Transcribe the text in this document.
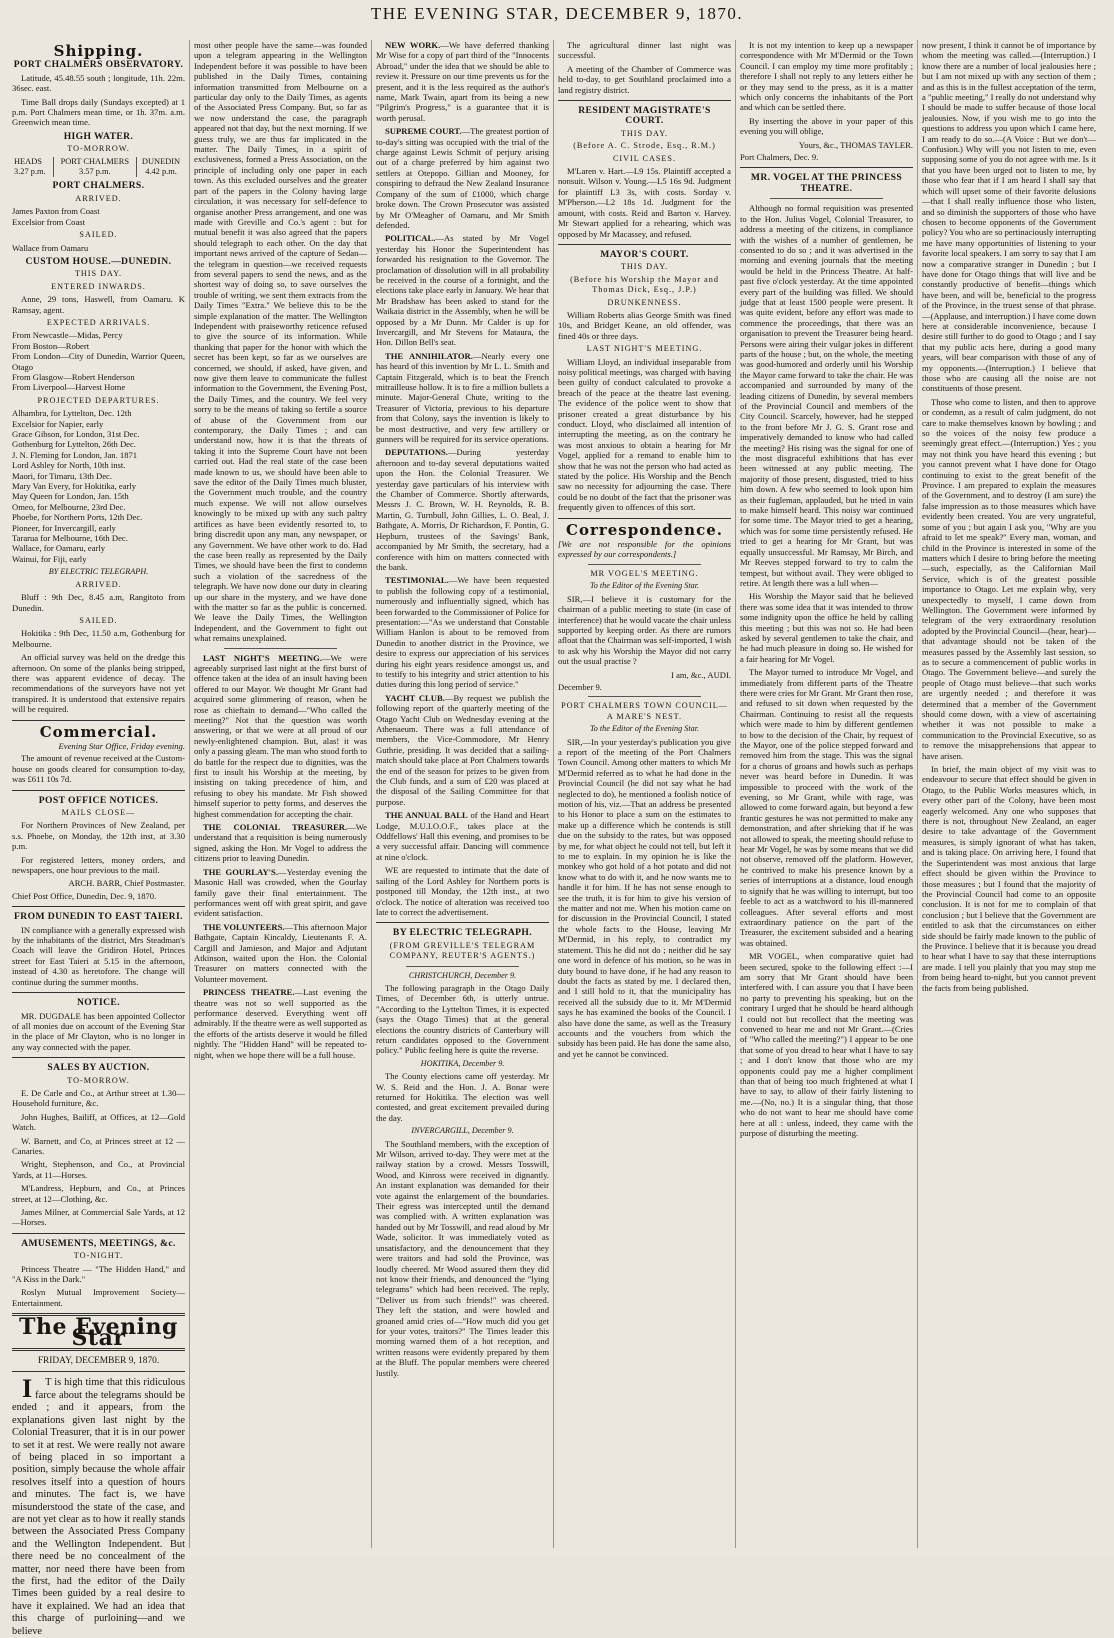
THE EVENING STAR, DECEMBER 9, 1870.
Shipping.
PORT CHALMERS OBSERVATORY.

Latitude, 45.48.55 south ; longitude, 11h. 22m. 36sec. east.

Time Ball drops daily (Sundays excepted) at 1 p.m. Port Chalmers mean time, or 1h. 37m. a.m. Greenwich mean time.

HIGH WATER.
TO-MORROW.
HEADS	PORT CHALMERS	DUNEDIN
3.27 p.m.	3.57 p.m.	4.42 p.m.
PORT CHALMERS.
ARRIVED.

James Paxton from Coast
Excelsior from Coast

SAILED.

Wallace from Oamaru

CUSTOM HOUSE.—DUNEDIN.
THIS DAY.
ENTERED INWARDS.

Anne, 29 tons, Haswell, from Oamaru. K Ramsay, agent.

EXPECTED ARRIVALS.

From Newcastle—Midas, Percy
From Boston—Robert
From London—City of Dunedin, Warrior Queen, Otago
From Glasgow—Robert Henderson
From Liverpool—Harvest Home

PROJECTED DEPARTURES.

Alhambra, for Lyttelton, Dec. 12th
Excelsior for Napier, early
Grace Gibson, for London, 31st Dec.
Gothenburg for Lyttelton, 26th Dec.
J. N. Fleming for London, Jan. 1871
Lord Ashley for North, 10th inst.
Maori, for Timaru, 13th Dec.
Mary Van Every, for Hokitika, early
May Queen for London, Jan. 15th
Omeo, for Melbourne, 23rd Dec.
Phoebe, for Northern Ports, 12th Dec.
Pioneer, for Invercargill, early
Tararua for Melbourne, 16th Dec.
Wallace, for Oamaru, early
Wainui, for Fiji, early

BY ELECTRIC TELEGRAPH.
ARRIVED.

Bluff : 9th Dec, 8.45 a.m, Rangitoto from Dunedin.

SAILED.

Hokitika : 9th Dec, 11.50 a.m, Gothenburg for Melbourne.

An official survey was held on the dredge this afternoon. On some of the planks being stripped, there was apparent evidence of decay. The recommendations of the surveyors have not yet transpired. It is understood that extensive repairs will be required.

Commercial.
Evening Star Office, Friday evening.

The amount of revenue received at the Custom-house on goods cleared for consumption to-day, was £611 10s 7d.

POST OFFICE NOTICES.
MAILS CLOSE—

For Northern Provinces of New Zealand, per s.s. Phoebe, on Monday, the 12th inst, at 3.30 p.m.

For registered letters, money orders, and newspapers, one hour previous to the mail.

ARCH. BARR, Chief Postmaster.

Chief Post Office, Dunedin, Dec. 9, 1870.

FROM DUNEDIN TO EAST TAIERI.

IN compliance with a generally expressed wish by the inhabitants of the district, Mrs Steadman's Coach will leave the Gridiron Hotel, Princes street for East Taieri at 5.15 in the afternoon, instead of 4.30 as heretofore. The change will continue during the summer months.

NOTICE.

MR. DUGDALE has been appointed Collector of all monies due on account of the Evening Star in the place of Mr Clayton, who is no longer in any way connected with the paper.

SALES BY AUCTION.
TO-MORROW.

E. De Carle and Co., at Arthur street at 1.30—Household furniture, &c.

John Hughes, Bailiff, at Offices, at 12—Gold Watch.

W. Barnett, and Co, at Princes street at 12 —Canaries.

Wright, Stephenson, and Co., at Provincial Yards, at 11—Horses.

M'Landress, Hepburn, and Co., at Princes street, at 12—Clothing, &c.

James Milner, at Commercial Sale Yards, at 12 —Horses.

AMUSEMENTS, MEETINGS, &c.
TO-NIGHT.

Princess Theatre — "The Hidden Hand," and "A Kiss in the Dark."

Roslyn Mutual Improvement Society—Entertainment.

The Evening Star
FRIDAY, DECEMBER 9, 1870.

I T is high time that this ridiculous farce about the telegrams should be ended ; and it appears, from the explanations given last night by the Colonial Treasurer, that it is in our power to set it at rest. We were really not aware of being placed in so important a position, simply because the whole affair resolves itself into a question of hours and minutes. The fact is, we have misunderstood the state of the case, and are not yet clear as to how it really stands between the Associated Press Company and the Wellington Independent. But there need be no concealment of the matter, nor need there have been from the first, had the editor of the Daily Times been guided by a real desire to have it explained. We had an idea that this charge of purloining—and we believe

most other people have the same—was founded upon a telegram appearing in the Wellington Independent before it was possible to have been published in the Daily Times, containing information transmitted from Melbourne on a particular day only to the Daily Times, as agents of the Associated Press Company. But, so far as we now understand the case, the paragraph appeared not that day, but the next morning. If we guess truly, we are thus far implicated in the matter. The Daily Times, in a spirit of exclusiveness, formed a Press Association, on the principle of including only one paper in each town. As this excluded ourselves and the greater part of the papers in the Colony having large circulation, it was necessary for self-defence to organise another Press arrangement, and one was made with Greville and Co.'s agent : but for mutual benefit it was also agreed that the papers should telegraph to each other. On the day that important news arrived of the capture of Sedan—the telegram in question—we received requests from several papers to send the news, and as the shortest way of doing so, to save ourselves the trouble of writing, we sent them extracts from the Daily Times "Extra." We believe this to be the simple explanation of the matter. The Wellington Independent with praiseworthy reticence refused to give the source of its information. While thanking that paper for the honor with which the secret has been kept, so far as we ourselves are concerned, we should, if asked, have given, and now give them leave to communicate the fullest information to the Government, the Evening Post, the Daily Times, and the country. We feel very sorry to be the means of taking so fertile a source of abuse of the Government from our contemporary, the Daily Times ; and can understand now, how it is that the threats of taking it into the Supreme Court have not been carried out. Had the real state of the case been made known to us, we should have been able to save the editor of the Daily Times much bluster, the Government much trouble, and the country much expense. We will not allow ourselves knowingly to be mixed up with any such paltry artifices as have been evidently resorted to, to bring discredit upon any man, any newspaper, or any Government. We have other work to do. Had the case been really as represented by the Daily Times, we should have been the first to condemn such a violation of the sacredness of the telegraph. We have now done our duty in clearing up our share in the mystery, and we have done with the matter so far as the public is concerned. We leave the Daily Times, the Wellington Independent, and the Government to fight out what remains unexplained.

LAST NIGHT'S MEETING.—We were agreeably surprised last night at the first burst of offence taken at the idea of an insult having been offered to our Mayor. We thought Mr Grant had acquired some glimmering of reason, when he rose as chieftain to demand—"Who called the meeting?" Not that the question was worth answering, or that we were at all proud of our newly-enlightened champion. But, alas! it was only a passing gleam. The man who stood forth to do battle for the respect due to dignities, was the first to insult his Worship at the meeting, by insisting on taking precedence of him, and refusing to obey his mandate. Mr Fish showed himself superior to petty forms, and deserves the highest commendation for accepting the chair.

THE COLONIAL TREASURER.—We understand that a requisition is being numerously signed, asking the Hon. Mr Vogel to address the citizens prior to leaving Dunedin.

THE GOURLAY'S.—Yesterday evening the Masonic Hall was crowded, when the Gourlay family gave their final entertainment. The performances went off with great spirit, and gave evident satisfaction.

THE VOLUNTEERS.—This afternoon Major Bathgate, Captain Kincaldy, Lieutenants F. A. Cargill and Jamieson, and Major and Adjutant Atkinson, waited upon the Hon. the Colonial Treasurer on matters connected with the Volunteer movement.

PRINCESS THEATRE.—Last evening the theatre was not so well supported as the performance deserved. Everything went off admirably. If the theatre were as well supported as the efforts of the artists deserve it would be filled nightly. The "Hidden Hand" will be repeated to-night, when we hope there will be a full house.

NEW WORK.—We have deferred thanking Mr Wise for a copy of part third of the "Innocents Abroad," under the idea that we should be able to review it. Pressure on our time prevents us for the present, and it is the less required as the author's name, Mark Twain, apart from its being a new "Pilgrim's Progress," is a guarantee that it is worth perusal.

SUPREME COURT.—The greatest portion of to-day's sitting was occupied with the trial of the charge against Lewis Schmit of perjury arising out of a charge preferred by him against two settlers at Otepopo. Gillian and Mooney, for conspiring to defraud the New Zealand Insurance Company of the sum of £1000, which charge broke down. The Crown Prosecutor was assisted by Mr O'Meagher of Oamaru, and Mr Smith defended.

POLITICAL.—As stated by Mr Vogel yesterday his Honor the Superintendent has forwarded his resignation to the Governor. The proclamation of dissolution will in all probability be received in the course of a fortnight, and the elections take place early in January. We hear that Mr Bradshaw has been asked to stand for the Waikaia district in the Assembly, when he will be opposed by a Mr Dunn. Mr Calder is up for Invercargill, and Mr Stevens for Mataura, the Hon. Dillon Bell's seat.

THE ANNIHILATOR.—Nearly every one has heard of this invention by Mr L. L. Smith and Captain Fitzgerald, which is to beat the French mitrailleuse hollow. It is to fire a million bullets a minute. Major-General Chute, writing to the Treasurer of Victoria, previous to his departure from that Colony, says the invention is likely to be most destructive, and very few artillery or gunners will be required for its service operations.

DEPUTATIONS.—During yesterday afternoon and to-day several deputations waited upon the Hon. the Colonial Treasurer. We yesterday gave particulars of his interview with the Chamber of Commerce. Shortly afterwards, Messrs J. C. Brown, W. H. Reynolds, R. B. Martin, G. Turnbull, John Gillies, L. O. Beal, J. Bathgate, A. Morris, Dr Richardson, F. Pontin, G. Hepburn, trustees of the Savings' Bank, accompanied by Mr Smith, the secretary, had a conference with him on matters connected with the bank.

TESTIMONIAL.—We have been requested to publish the following copy of a testimonial, numerously and influentially signed, which has been forwarded to the Commissioner of Police for presentation:—"As we understand that Constable William Hanlon is about to be removed from Dunedin to another district in the Province, we desire to express our appreciation of his services during his eight years residence amongst us, and to testify to his integrity and strict attention to his duties during this long period of service."

YACHT CLUB.—By request we publish the following report of the quarterly meeting of the Otago Yacht Club on Wednesday evening at the Athenaeum. There was a full attendance of members, the Vice-Commodore, Mr Henry Guthrie, presiding. It was decided that a sailing-match should take place at Port Chalmers towards the end of the season for prizes to be given from the Club funds, and a sum of £20 was placed at the disposal of the Sailing Committee for that purpose.

THE ANNUAL BALL of the Hand and Heart Lodge, M.U.I.O.O.F., takes place at the Oddfellows' Hall this evening, and promises to be a very successful affair. Dancing will commence at nine o'clock.

WE are requested to intimate that the date of sailing of the Lord Ashley for Northern ports is postponed till Monday, the 12th inst., at two o'clock. The notice of alteration was received too late to correct the advertisement.

BY ELECTRIC TELEGRAPH.
(FROM GREVILLE'S TELEGRAM COMPANY, REUTER'S AGENTS.)
CHRISTCHURCH, December 9.

The following paragraph in the Otago Daily Times, of December 6th, is utterly untrue. "According to the Lyttelton Times, it is expected (says the Otago Times) that at the general elections the country districts of Canterbury will return candidates opposed to the Government policy." Public feeling here is quite the reverse.

HOKITIKA, December 9.

The County elections came off yesterday. Mr W. S. Reid and the Hon. J. A. Bonar were returned for Hokitika. The election was well contested, and great excitement prevailed during the day.

INVERCARGILL, December 9.

The Southland members, with the exception of Mr Wilson, arrived to-day. They were met at the railway station by a crowd. Messrs Tosswill, Wood, and Kinross were received in dignantly. An instant explanation was demanded for their vote against the enlargement of the boundaries. Their egress was intercepted until the demand was complied with. A written explanation was handed out by Mr Tosswill, and read aloud by Mr Wade, solicitor. It was immediately voted as unsatisfactory, and the denouncement that they were traitors and had sold the Province, was loudly cheered. Mr Wood assured them they did not know their friends, and denounced the "lying telegrams" which had been received. The reply, "Deliver us from such friends!" was cheered. They left the station, and were howled and groaned amid cries of—"How much did you get for your votes, traitors?" The Times leader this morning warned them of a hot reception, and written reasons were evidently prepared by them at the Bluff. The popular members were cheered lustily.

The agricultural dinner last night was successful.

A meeting of the Chamber of Commerce was held to-day, to get Southland proclaimed into a land registry district.

RESIDENT MAGISTRATE'S COURT.
THIS DAY.
(Before A. C. Strode, Esq., R.M.)
CIVIL CASES.

M'Laren v. Hart.—L9 15s. Plaintiff accepted a nonsuit. Wilson v. Young.—L5 16s 9d. Judgment for plaintiff L3 3s, with costs. Sorday v. M'Pherson.—L2 18s 1d. Judgment for the amount, with costs. Reid and Barton v. Harvey. Mr Stewart applied for a rehearing, which was opposed by Mr Macassey, and refused.

MAYOR'S COURT.
THIS DAY.
(Before his Worship the Mayor and Thomas Dick, Esq., J.P.)
DRUNKENNESS.

William Roberts alias George Smith was fined 10s, and Bridget Keane, an old offender, was fined 40s or three days.

LAST NIGHT'S MEETING.

William Lloyd, an individual inseparable from noisy political meetings, was charged with having been guilty of conduct calculated to provoke a breach of the peace at the theatre last evening. The evidence of the police went to show that prisoner created a great disturbance by his conduct. Lloyd, who disclaimed all intention of interrupting the meeting, as on the contrary he was most anxious to obtain a hearing for Mr Vogel, applied for a remand to enable him to show that he was not the person who had acted as stated by the police. His Worship and the Bench saw no necessity for adjourning the case. There could be no doubt of the fact that the prisoner was frequently given to offences of this sort.

Correspondence.

[We are not responsible for the opinions expressed by our correspondents.]

MR VOGEL'S MEETING.
To the Editor of the Evening Star.

SIR,—I believe it is customary for the chairman of a public meeting to state (in case of interference) that he would vacate the chair unless supported by keeping order. As there are rumors afloat that the Chairman was self-imported, I wish to ask why his Worship the Mayor did not carry out the usual practise ?

I am, &c., AUDI.

December 9.

PORT CHALMERS TOWN COUNCIL— A MARE'S NEST.
To the Editor of the Evening Star.

SIR,—In your yesterday's publication you give a report of the meeting of the Port Chalmers Town Council. Among other matters to which Mr M'Dermid referred as to what he had done in the Provincial Council (he did not say what he had neglected to do), he mentioned a foolish notice of motion of his, viz.—That an address be presented to his Honor to place a sum on the estimates to make up a difference which he contends is still due on the subsidy to the rates, but was opposed by me, for what object he could not tell, but left it to me to explain. In my opinion he is like the monkey who got hold of a hot potato and did not know what to do with it, and he now wants me to handle it for him. If he has not sense enough to see the truth, it is for him to give his version of the matter and not me. When his motion came on for discussion in the Provincial Council, I stated the whole facts to the House, leaving Mr M'Dermid, in his reply, to contradict my statement. This he did not do ; neither did he say one word in defence of his motion, so he was in duty bound to have done, if he had any reason to doubt the facts as stated by me. I declared then, and I still hold to it, that the municipality has received all the subsidy due to it. Mr M'Dermid says he has examined the books of the Council. I also have done the same, as well as the Treasury accounts and the vouchers from which the subsidy has been paid. He has done the same also, and yet he cannot be convinced.

It is not my intention to keep up a newspaper correspondence with Mr M'Dermid or the Town Council. I can employ my time more profitably ; therefore I shall not reply to any letters either he or they may send to the press, as it is a matter which only concerns the inhabitants of the Port and which can be settled there.

By inserting the above in your paper of this evening you will oblige,

Yours, &c., THOMAS TAYLER.

Port Chalmers, Dec. 9.

MR. VOGEL AT THE PRINCESS THEATRE.

Although no formal requisition was presented to the Hon. Julius Vogel, Colonial Treasurer, to address a meeting of the citizens, in compliance with the wishes of a number of gentlemen, he consented to do so ; and it was advertised in the morning and evening journals that the meeting would be held in the Princess Theatre. At half-past five o'clock yesterday. At the time appointed every part of the building was filled. We should judge that at least 1500 people were present. It was quite evident, before any effort was made to commence the proceedings, that there was an organisation to prevent the Treasurer being heard. Persons were airing their vulgar jokes in different parts of the house ; but, on the whole, the meeting was good-humored and orderly until his Worship the Mayor came forward to take the chair. He was accompanied and surrounded by many of the leading citizens of Dunedin, by several members of the Provincial Council and members of the City Council. Scarcely, however, had he stepped to the front before Mr J. G. S. Grant rose and imperatively demanded to know who had called the meeting? His rising was the signal for one of the most disgraceful exhibitions that has ever been witnessed at any public meeting. The majority of those present, disgusted, tried to hiss him down. A few who seemed to look upon him as their fugleman, applauded, but he tried in vain to make himself heard. This noisy war continued for some time. The Mayor tried to get a hearing, which was for some time persistently refused. He tried to get a hearing for Mr Grant, but was equally unsuccessful. Mr Ramsay, Mr Birch, and Mr Reeves stepped forward to try to calm the tempest, but without avail. They were obliged to retire. At length there was a lull when—

His Worship the Mayor said that he believed there was some idea that it was intended to throw some indignity upon the office he held by calling this meeting ; but this was not so. He had been asked by several gentlemen to take the chair, and he had much pleasure in doing so. He wished for a fair hearing for Mr Vogel.

The Mayor turned to introduce Mr Vogel, and immediately from different parts of the Theatre there were cries for Mr Grant. Mr Grant then rose, and refused to sit down when requested by the Chairman. Continuing to resist all the requests which were made to him by different gentlemen to bow to the decision of the Chair, by request of the Mayor, one of the police stepped forward and removed him from the stage. This was the signal for a chorus of groans and howls such as perhaps never was heard before in Dunedin. It was impossible to proceed with the work of the evening, so Mr Grant, while with rage, was allowed to come forward again, but beyond a few frantic gestures he was not permitted to make any demonstration, and after shrieking that if he was not allowed to speak, the meeting should refuse to hear Mr Vogel, he was by some means that we did not observe, removed off the platform. However, he contrived to make his presence known by a series of interruptions at a distance, loud enough to signify that he was willing to interrupt, but too feeble to act as a watchword to his ill-mannered colleagues. After several efforts and most extraordinary patience on the part of the Treasurer, the excitement subsided and a hearing was obtained.

MR VOGEL, when comparative quiet had been secured, spoke to the following effect :—I am sorry that Mr Grant should have been interfered with. I can assure you that I have been no party to preventing his speaking, but on the contrary I urged that he should be heard although I could not but recollect that the meeting was convened to hear me and not Mr Grant.—(Cries of "Who called the meeting?") I appear to be one that some of you dread to hear what I have to say ; and I don't know that those who are my opponents could pay me a higher compliment than that of being too much frightened at what I have to say, to allow of their fairly listening to me.—(No, no.) It is a singular thing, that those who do not want to hear me should have come here at all : unless, indeed, they came with the purpose of disturbing the meeting.

now present, I think it cannot be of importance by whom the meeting was called.—(Interruption.) I know there are a number of local jealousies here ; but I am not mixed up with any section of them ; and as this is in the fullest acceptation of the term, a "public meeting," I really do not understand why I should be made to suffer because of those local jealousies. Now, if you wish me to go into the questions to address you upon which I came here, I am ready to do so.—(A Voice : But we don't—Confusion.) Why will you not listen to me, even supposing some of you do not agree with me. Is it that you have been urged not to listen to me, by those who fear that if I am heard I shall say that which will upset some of their favorite delusions—that I shall really influence those who listen, and so diminish the supporters of those who have chosen to become opponents of the Government policy? You who are so pertinaciously interrupting me have many opportunities of listening to your favorite local speakers. I am sorry to say that I am now a comparative stranger in Dunedin ; but I have done for Otago things that will live and be constantly productive of benefit—things which have been, and will be, beneficial to the progress of the Province, in the truest sense of that phrase.—(Applause, and interruption.) I have come down here at considerable inconvenience, because I desire still further to do good to Otago ; and I say that my public acts here, during a good many years, will bear comparison with those of any of my opponents.—(Interruption.) I believe that those who are causing all the noise are not constituents of those present.

Those who come to listen, and then to approve or condemn, as a result of calm judgment, do not care to make themselves known by howling ; and so the voices of the noisy few produce a seemingly great effect.—(Interruption.) Yes ; you may not think you have heard this evening ; but you cannot prevent what I have done for Otago continuing to exist to the great benefit of the Province. I am prepared to explain the measures of the Government, and to destroy (I am sure) the false impression as to those measures which have evidently been created. You are very ungrateful, some of you ; but again I ask you, "Why are you afraid to let me speak?" Every man, woman, and child in the Province is interested in some of the matters which I desire to bring before the meeting—such, especially, as the Californian Mail Service, which is of the greatest possible importance to Otago. Let me explain why, very unexpectedly to myself, I came down from Wellington. The Government were informed by telegram of the very extraordinary resolution adopted by the Provincial Council—(hear, hear)—that advantage should not be taken of the measures passed by the Assembly last session, so as to secure a commencement of public works in Otago. The Government believe—and surely the people of Otago must believe—that such works are urgently needed ; and therefore it was determined that a member of the Government should come down, with a view of ascertaining whether it was not possible to make a communication to the Provincial Executive, so as to remove the misapprehensions that appear to have arisen.

In brief, the main object of my visit was to endeavour to secure that effect should be given in Otago, to the Public Works measures which, in every other part of the Colony, have been most eagerly welcomed. Any one who supposes that there is not, throughout New Zealand, an eager desire to take advantage of the Government measures, is simply ignorant of what has taken, and is taking place. On arriving here, I found that the Superintendent was most anxious that large effect should be given within the Province to those measures ; but I found that the majority of the Provincial Council had come to an opposite conclusion. It is not for me to complain of that conclusion ; but I believe that the Government are entitled to ask that the circumstances on either side should be fairly made known to the public of the Province. I believe that it is because you dread to hear what I have to say that these interruptions are made. I tell you plainly that you may stop me from being heard to-night, but you cannot prevent the facts from being published.
